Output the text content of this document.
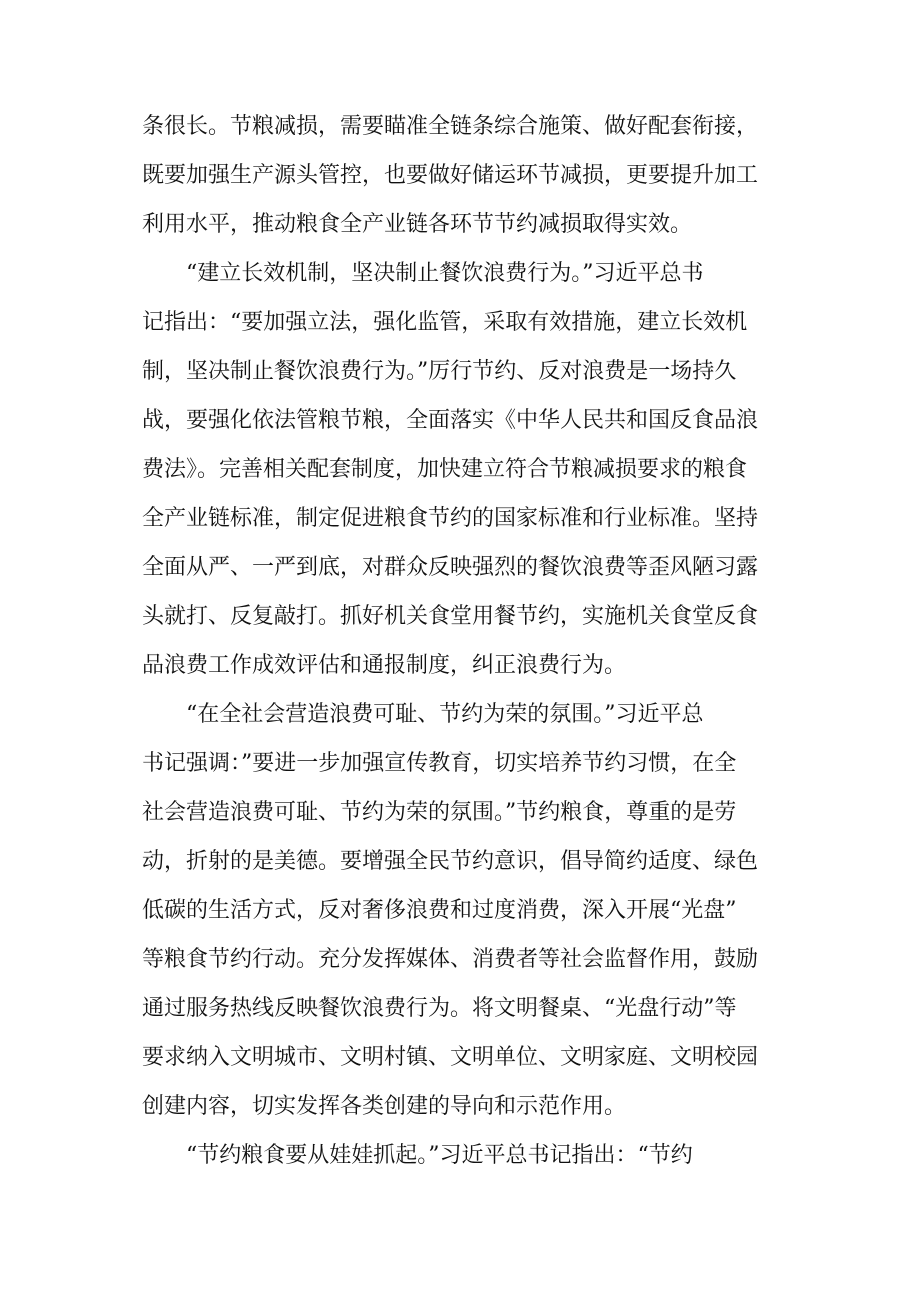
条很长。节粮减损，需要瞄准全链条综合施策、做好配套衔接，
既要加强生产源头管控，也要做好储运环节减损，更要提升加工
利用水平，推动粮食全产业链各环节节约减损取得实效。
“建立长效机制，坚决制止餐饮浪费行为。”习近平总书
记指出：“要加强立法，强化监管，采取有效措施，建立长效机
制，坚决制止餐饮浪费行为。”厉行节约、反对浪费是一场持久
战，要强化依法管粮节粮，全面落实《中华人民共和国反食品浪
费法》。完善相关配套制度，加快建立符合节粮减损要求的粮食
全产业链标准，制定促进粮食节约的国家标准和行业标准。坚持
全面从严、一严到底，对群众反映强烈的餐饮浪费等歪风陋习露
头就打、反复敲打。抓好机关食堂用餐节约，实施机关食堂反食
品浪费工作成效评估和通报制度，纠正浪费行为。
“在全社会营造浪费可耻、节约为荣的氛围。”习近平总
书记强调：”要进一步加强宣传教育，切实培养节约习惯，在全
社会营造浪费可耻、节约为荣的氛围。”节约粮食，尊重的是劳
动，折射的是美德。要增强全民节约意识，倡导简约适度、绿色
低碳的生活方式，反对奢侈浪费和过度消费，深入开展“光盘”
等粮食节约行动。充分发挥媒体、消费者等社会监督作用，鼓励
通过服务热线反映餐饮浪费行为。将文明餐桌、“光盘行动”等
要求纳入文明城市、文明村镇、文明单位、文明家庭、文明校园
创建内容，切实发挥各类创建的导向和示范作用。
“节约粮食要从娃娃抓起。”习近平总书记指出：“节约
